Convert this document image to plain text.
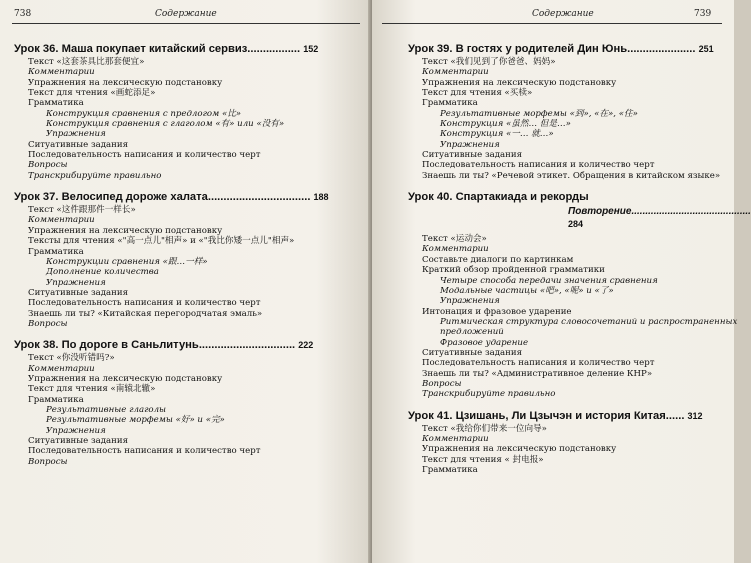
738	Содержание
Урок 36. Маша покупает китайский сервиз................. 152
Текст «这套茶具比那套便宜»
Комментарии
Упражнения на лексическую подстановку
Текст для чтения «画蛇添足»
Грамматика
Конструкция сравнения с предлогом «比»
Конструкция сравнения с глаголом «有» или «没有»
Упражнения
Ситуативные задания
Последовательность написания и количество черт
Вопросы
Транскрибируйте правильно
Урок 37. Велосипед дороже халата................................. 188
Текст «这件跟那件一样长»
Комментарии
Упражнения на лексическую подстановку
Тексты для чтения «"高一点儿"相声» и «"我比你矮一点儿"相声»
Грамматика
Конструкции сравнения «跟…一样»
Дополнение количества
Упражнения
Ситуативные задания
Последовательность написания и количество черт
Знаешь ли ты? «Китайская перегородчатая эмаль»
Вопросы
Урок 38. По дороге в Саньлитунь............................... 222
Текст «你没听错吗?»
Комментарии
Упражнения на лексическую подстановку
Текст для чтения «南辕北辙»
Грамматика
Результативные глаголы
Результативные морфемы «好» и «完»
Упражнения
Ситуативные задания
Последовательность написания и количество черт
Вопросы
Содержание	739
Урок 39. В гостях у родителей Дин Юнь...................... 251
Текст «我们见到了你爸爸、妈妈»
Комментарии
Упражнения на лексическую подстановку
Текст для чтения «买椟»
Грамматика
Результативные морфемы «到», «在», «住»
Конструкция «虽然… 但是…»
Конструкция «一… 就…»
Упражнения
Ситуативные задания
Последовательность написания и количество черт
Знаешь ли ты? «Речевой этикет. Обращения в китайском языке»
Урок 40. Спартакиада и рекорды
Повторение........................................... 284
Текст «运动会»
Комментарии
Составьте диалоги по картинкам
Краткий обзор пройденной грамматики
Четыре способа передачи значения сравнения
Модальные частицы «吧», «呢» и «了»
Упражнения
Интонация и фразовое ударение
Ритмическая структура словосочетаний и распространенных
предложений
Фразовое ударение
Ситуативные задания
Последовательность написания и количество черт
Знаешь ли ты? «Административное деление КНР»
Вопросы
Транскрибируйте правильно
Урок 41. Цзишань, Ли Цзычэн и история Китая...... 312
Текст «我给你们带来一位向导»
Комментарии
Упражнения на лексическую подстановку
Текст для чтения « 封电报»
Грамматика
